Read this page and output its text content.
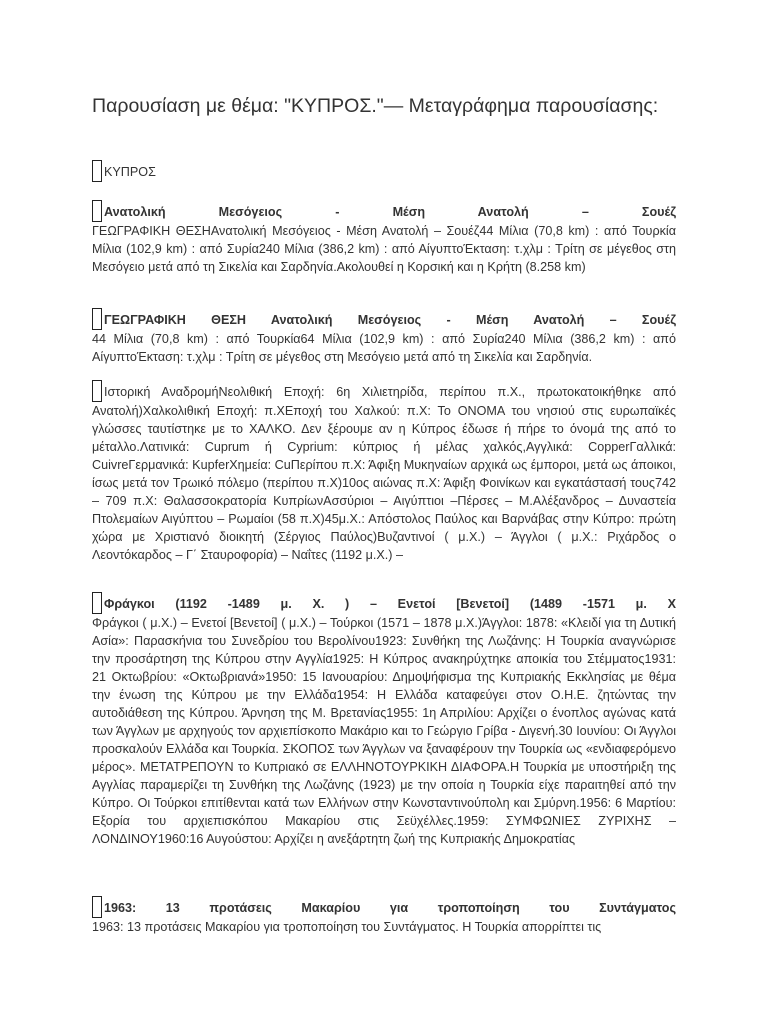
Παρουσίαση με θέμα: "ΚΥΠΡΟΣ."— Μεταγράφημα παρουσίασης:
ΚΥΠΡΟΣ
Ανατολική Μεσόγειος - Μέση Ανατολή – Σουέζ
ΓΕΩΓΡΑΦΙΚΗ ΘΕΣΗΑνατολική Μεσόγειος - Μέση Ανατολή – Σουέζ44 Μίλια (70,8 km) : από Τουρκία Μίλια (102,9 km) : από Συρία240 Μίλια (386,2 km) : από ΑίγυπτοΈκταση: τ.χλμ : Τρίτη σε μέγεθος στη Μεσόγειο μετά από τη Σικελία και Σαρδηνία.Ακολουθεί η Κορσική και η Κρήτη (8.258 km)
ΓΕΩΓΡΑΦΙΚΗ ΘΕΣΗ Ανατολική Μεσόγειος - Μέση Ανατολή – Σουέζ
44 Μίλια (70,8 km) : από Τουρκία64 Μίλια (102,9 km) : από Συρία240 Μίλια (386,2 km) : από ΑίγυπτοΈκταση: τ.χλμ : Τρίτη σε μέγεθος στη Μεσόγειο μετά από τη Σικελία και Σαρδηνία.
Ιστορική ΑναδρομήΝεολιθική Εποχή: 6η Χιλιετηρίδα, περίπου π.Χ., πρωτοκατοικήθηκε από Ανατολή)Χαλκολιθική Εποχή: π.ΧΕποχή του Χαλκού: π.Χ: Το ΟΝΟΜΑ του νησιού στις ευρωπαϊκές γλώσσες ταυτίστηκε με το ΧΑΛΚΟ. Δεν ξέρουμε αν η Κύπρος έδωσε ή πήρε το όνομά της από το μέταλλο.Λατινικά: Cuprum ή Cyprium: κύπριος ή μέλας χαλκός,Αγγλικά: CopperΓαλλικά: CuivreΓερμανικά: KupferΧημεία: CuΠερίπου π.Χ: Άφιξη Μυκηναίων αρχικά ως έμποροι, μετά ως άποικοι, ίσως μετά τον Τρωικό πόλεμο (περίπου π.Χ)10ος αιώνας π.Χ: Άφιξη Φοινίκων και εγκατάστασή τους742 – 709 π.Χ: Θαλασσοκρατορία ΚυπρίωνΑσσύριοι – Αιγύπτιοι –Πέρσες – Μ.Αλέξανδρος – Δυναστεία Πτολεμαίων Αιγύπτου – Ρωμαίοι (58 π.Χ)45μ.Χ.: Απόστολος Παύλος και Βαρνάβας στην Κύπρο: πρώτη χώρα με Χριστιανό διοικητή (Σέργιος Παύλος)Βυζαντινοί ( μ.Χ.) – Άγγλοι ( μ.Χ.: Ριχάρδος ο Λεοντόκαρδος – Γ΄ Σταυροφορία) – Ναΐτες (1192 μ.Χ.) –
Φράγκοι (1192 -1489 μ. Χ. ) – Ενετοί [Βενετοί] (1489 -1571 μ. Χ
Φράγκοι ( μ.Χ.) – Ενετοί [Βενετοί] ( μ.Χ.) – Τούρκοι (1571 – 1878 μ.Χ.)Άγγλοι: 1878: «Κλειδί για τη Δυτική Ασία»: Παρασκήνια του Συνεδρίου του Βερολίνου1923: Συνθήκη της Λωζάνης: Η Τουρκία αναγνώρισε την προσάρτηση της Κύπρου στην Αγγλία1925: Η Κύπρος ανακηρύχτηκε αποικία του Στέμματος1931: 21 Οκτωβρίου: «Οκτωβριανά»1950: 15 Ιανουαρίου: Δημοψήφισμα της Κυπριακής Εκκλησίας με θέμα την ένωση της Κύπρου με την Ελλάδα1954: Η Ελλάδα καταφεύγει στον Ο.Η.Ε. ζητώντας την αυτοδιάθεση της Κύπρου. Άρνηση της Μ. Βρετανίας1955: 1η Απριλίου: Αρχίζει ο ένοπλος αγώνας κατά των Άγγλων με αρχηγούς τον αρχιεπίσκοπο Μακάριο και το Γεώργιο Γρίβα - Διγενή.30 Ιουνίου: Οι Άγγλοι προσκαλούν Ελλάδα και Τουρκία. ΣΚΟΠΟΣ των Άγγλων να ξαναφέρουν την Τουρκία ως «ενδιαφερόμενο μέρος». ΜΕΤΑΤΡΕΠΟΥΝ το Κυπριακό σε ΕΛΛΗΝΟΤΟΥΡΚΙΚΗ ΔΙΑΦΟΡΑ.Η Τουρκία με υποστήριξη της Αγγλίας παραμερίζει τη Συνθήκη της Λωζάνης (1923) με την οποία η Τουρκία είχε παραιτηθεί από την Κύπρο. Οι Τούρκοι επιτίθενται κατά των Ελλήνων στην Κωνσταντινούπολη και Σμύρνη.1956: 6 Μαρτίου: Εξορία του αρχιεπισκόπου Μακαρίου στις Σεϋχέλλες.1959: ΣΥΜΦΩΝΙΕΣ ΖΥΡΙΧΗΣ – ΛΟΝΔΙΝΟΥ1960:16 Αυγούστου: Αρχίζει η ανεξάρτητη ζωή της Κυπριακής Δημοκρατίας
1963: 13 προτάσεις Μακαρίου για τροποποίηση του Συντάγματος
1963: 13 προτάσεις Μακαρίου για τροποποίηση του Συντάγματος. Η Τουρκία απορρίπτει τις
